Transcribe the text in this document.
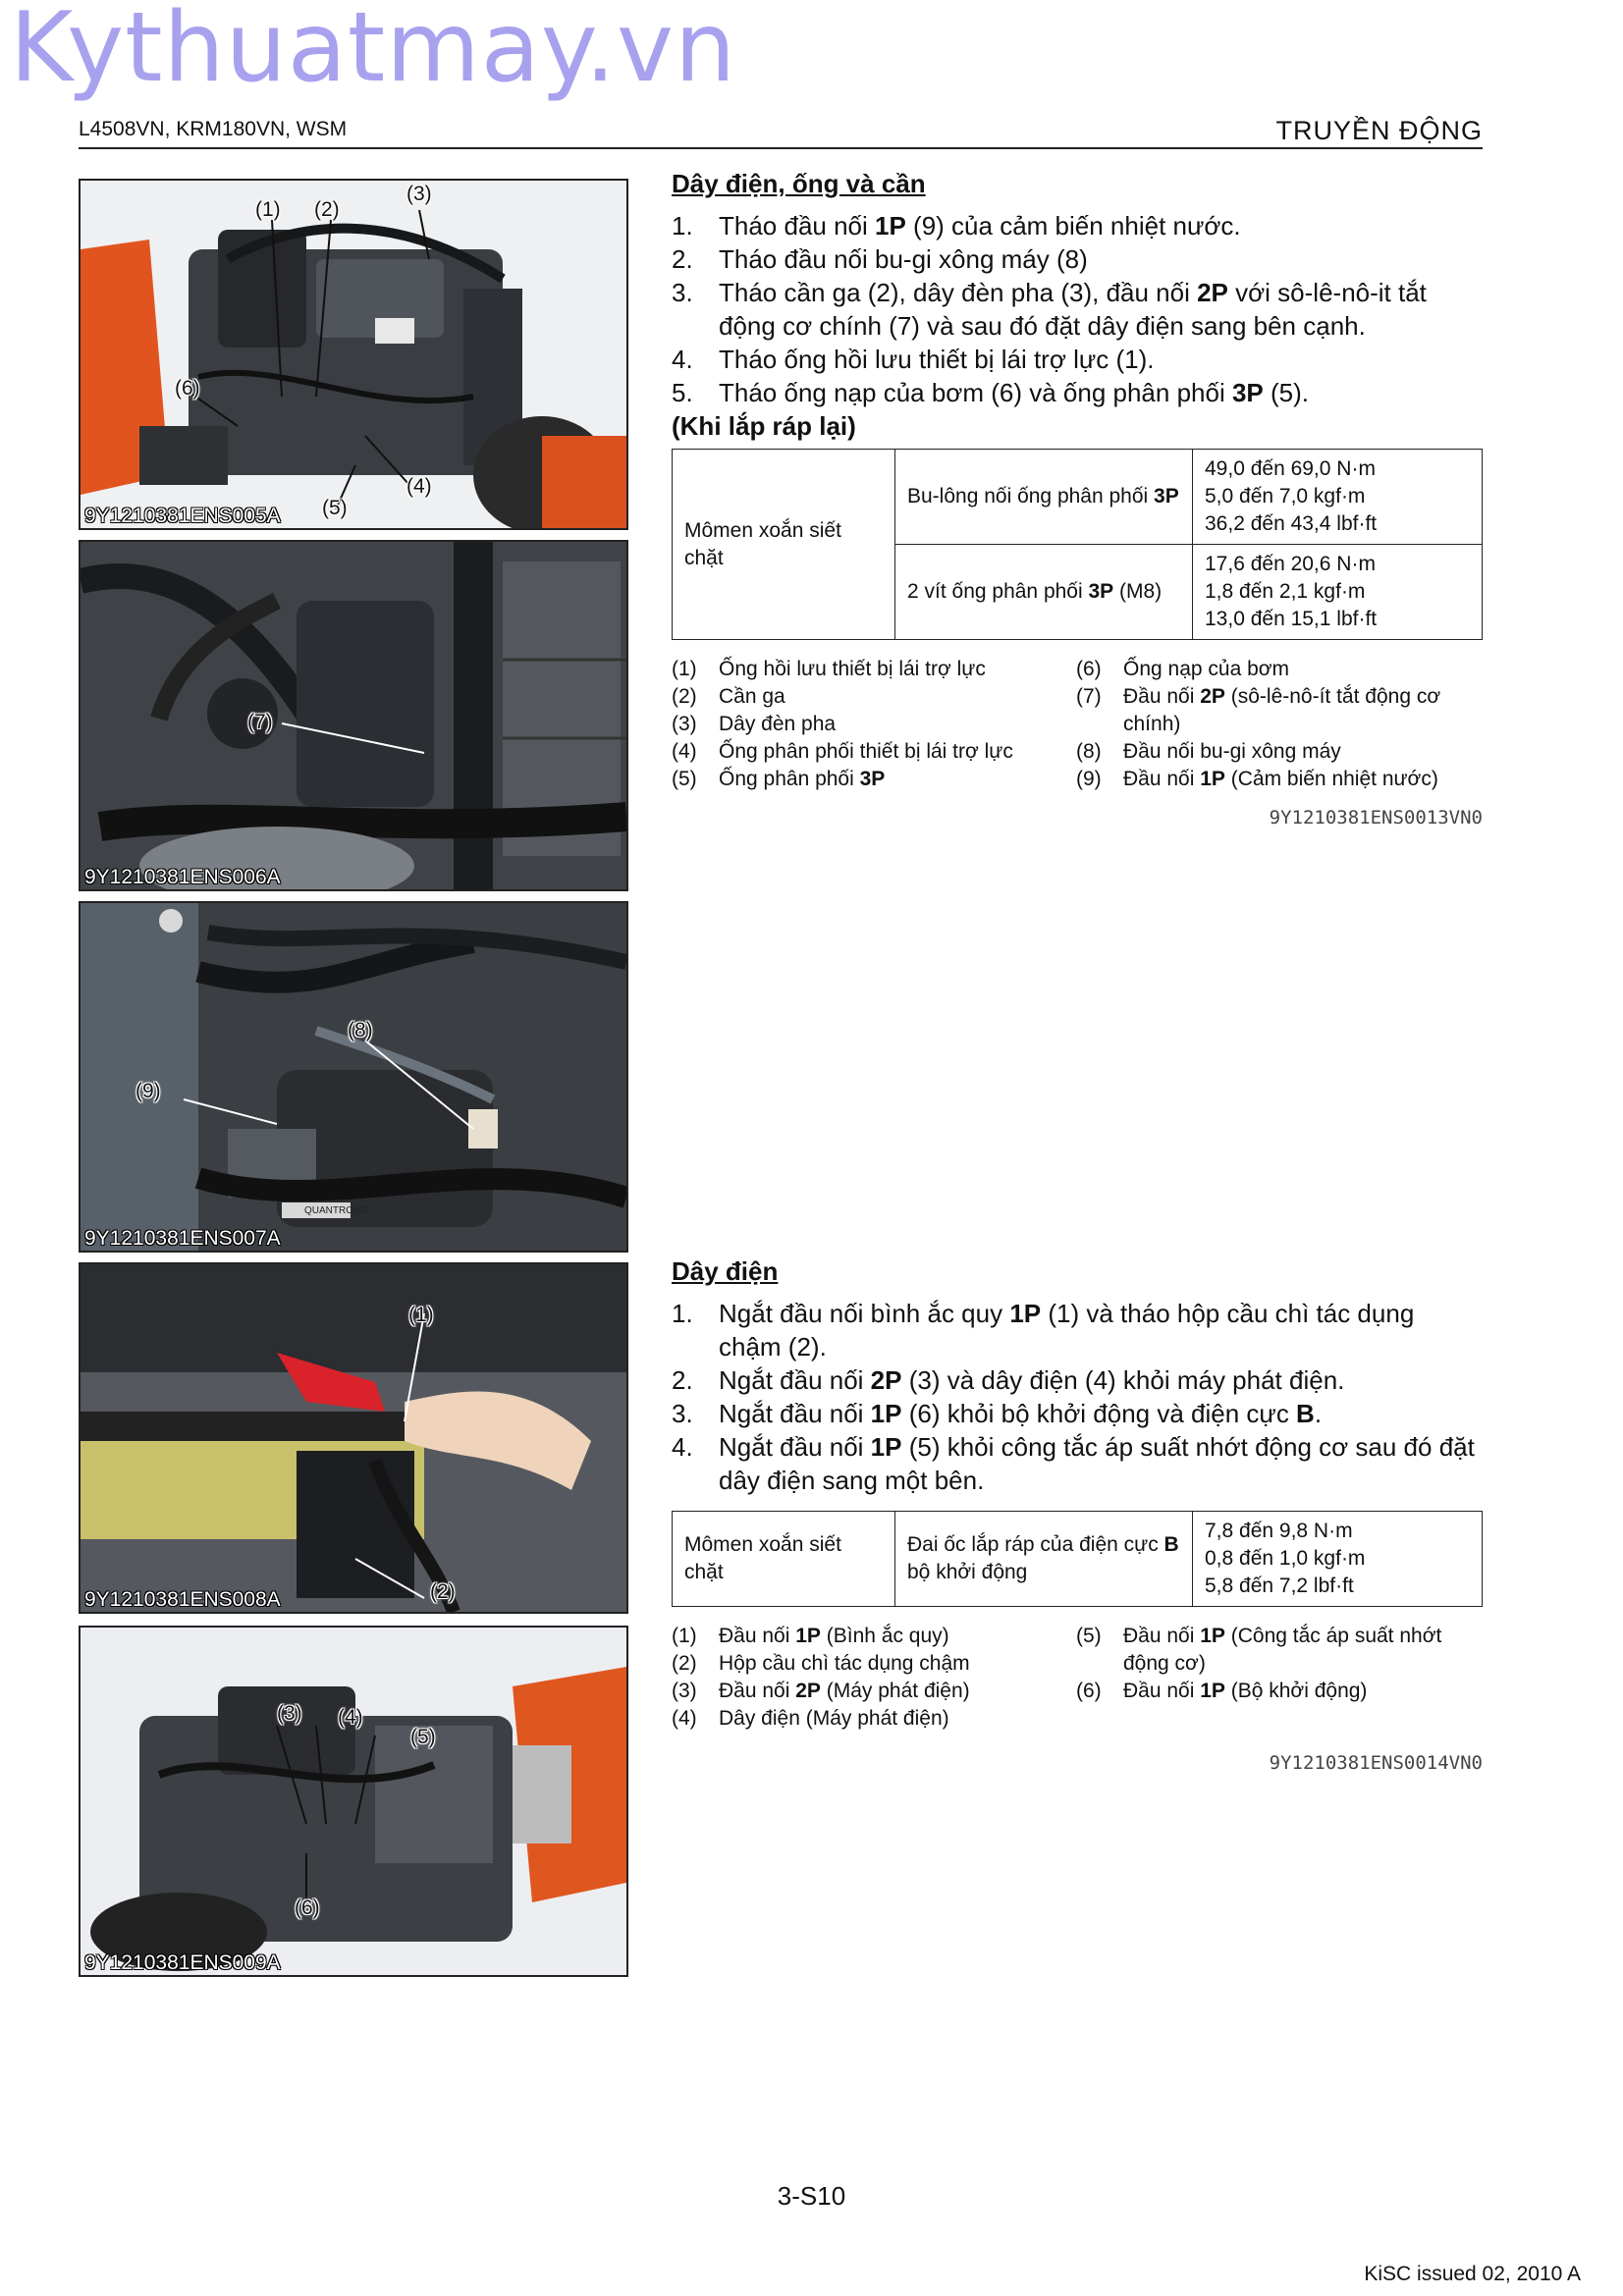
Kythuatmay.vn
L4508VN, KRM180VN, WSM	TRUYỀN ĐỘNG
(1) (2)
(3)
(6)
(4)
(5)
9Y1210381ENS005A
(7)
9Y1210381ENS006A
(8)
(9)
QUANTRONG
9Y1210381ENS007A
(1)
(2)
9Y1210381ENS008A
(3) (4)
(5)
(6)
9Y1210381ENS009A
Dây điện, ống và cần
1.	Tháo đầu nối 1P (9) của cảm biến nhiệt nước.
2.	Tháo đầu nối bu-gi xông máy (8)
3.	Tháo cần ga (2), dây đèn pha (3), đầu nối 2P với sô-lê-nô-it tắt động cơ chính (7) và sau đó đặt dây điện sang bên cạnh.
4.	Tháo ống hồi lưu thiết bị lái trợ lực (1).
5.	Tháo ống nạp của bơm (6) và ống phân phối 3P (5).
(Khi lắp ráp lại)
Mômen xoắn siết chặt	Bu-lông nối ống phân phối 3P	49,0 đến 69,0 N·m
5,0 đến 7,0 kgf·m
36,2 đến 43,4 lbf·ft

	2 vít ống phân phối 3P (M8)	17,6 đến 20,6 N·m
1,8 đến 2,1 kgf·m
13,0 đến 15,1 lbf·ft
(1)	Ống hồi lưu thiết bị lái trợ lực
(2)	Cần ga
(3)	Dây đèn pha
(4)	Ống phân phối thiết bị lái trợ lực
(5)	Ống phân phối 3P
(6)	Ống nạp của bơm
(7)	Đầu nối 2P (sô-lê-nô-ít tắt động cơ chính)
(8)	Đầu nối bu-gi xông máy
(9)	Đầu nối 1P (Cảm biến nhiệt nước)
9Y1210381ENS0013VN0
Dây điện
1.	Ngắt đầu nối bình ắc quy 1P (1) và tháo hộp cầu chì tác dụng chậm (2).
2.	Ngắt đầu nối 2P (3) và dây điện (4) khỏi máy phát điện.
3.	Ngắt đầu nối 1P (6) khỏi bộ khởi động và điện cực B.
4.	Ngắt đầu nối 1P (5) khỏi công tắc áp suất nhớt động cơ sau đó đặt dây điện sang một bên.
Mômen xoắn siết chặt	Đai ốc lắp ráp của điện cực B bộ khởi động	
7,8 đến 9,8 N·m
0,8 đến 1,0 kgf·m
5,8 đến 7,2 lbf·ft
(1)	Đầu nối 1P (Bình ắc quy)
(2)	Hộp cầu chì tác dụng chậm
(3)	Đầu nối 2P (Máy phát điện)
(4)	Dây điện (Máy phát điện)
(5)	Đầu nối 1P (Công tắc áp suất nhớt động cơ)
(6)	Đầu nối 1P (Bộ khởi động)
9Y1210381ENS0014VN0
3-S10
KiSC issued 02, 2010 A
